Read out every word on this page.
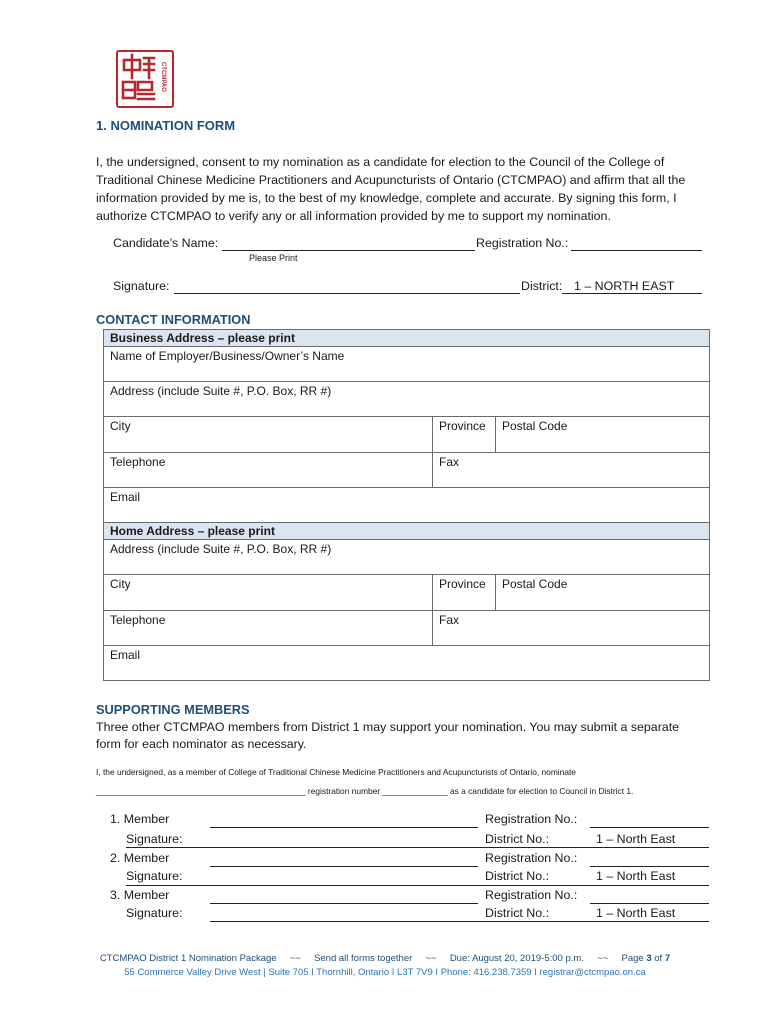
CTCMPAO
1. NOMINATION FORM

I, the undersigned, consent to my nomination as a candidate for election to the Council of the College of Traditional Chinese Medicine Practitioners and Acupuncturists of Ontario (CTCMPAO) and affirm that all the information provided by me is, to the best of my knowledge, complete and accurate. By signing this form, I authorize CTCMPAO to verify any or all information provided by me to support my nomination.

Candidate’s Name:	Registration No.:
Please Print
Signature:	District: 1 – NORTH EAST
CONTACT INFORMATION
Business Address – please print		
Name of Employer/Business/Owner’s Name		
Address (include Suite #, P.O. Box, RR #)		
City	Province	Postal Code
Telephone	Fax	
Email		
Home Address – please print		
Address (include Suite #, P.O. Box, RR #)		
City	Province	Postal Code
Telephone	Fax	
Email		
SUPPORTING MEMBERS

Three other CTCMPAO members from District 1 may support your nomination. You may submit a separate form for each nominator as necessary.

I, the undersigned, as a member of College of Traditional Chinese Medicine Practitioners and Acupuncturists of Ontario, nominate

_____________________________________________ registration number ______________ as a candidate for election to Council in District 1.

1. Member	Registration No.:
Signature:	District No.:	1 – North East
2. Member	Registration No.:
Signature:	District No.:	1 – North East
3. Member	Registration No.:
Signature:	District No.:	1 – North East
CTCMPAO District 1 Nomination Package ~~ Send all forms together ~~ Due: August 20, 2019-5:00 p.m. ~~ Page 3 of 7
55 Commerce Valley Drive West | Suite 705 I Thornhill, Ontario I L3T 7V9 I Phone: 416.238.7359 I registrar@ctcmpao.on.ca
